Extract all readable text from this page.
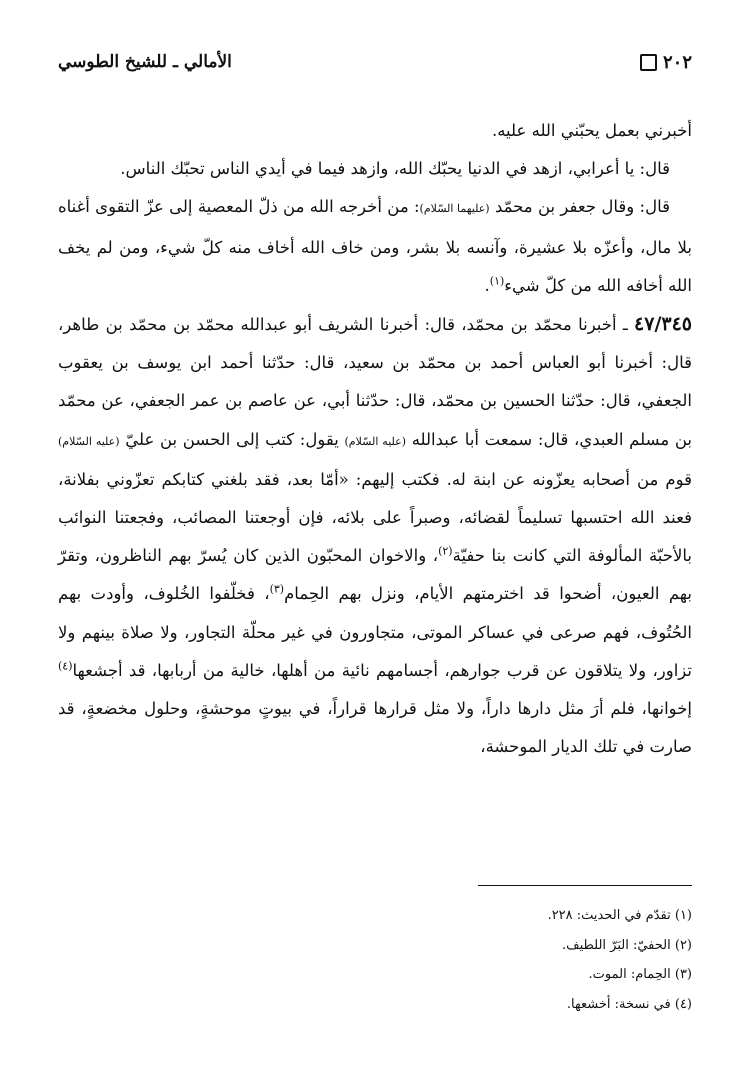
٢٠٢
الأمالي ـ للشيخ الطوسي

أخبرني بعمل يحبّني الله عليه.

قال: يا أعرابي، ازهد في الدنيا يحبّك الله، وازهد فيما في أيدي الناس تحبّك الناس.

قال: وقال جعفر بن محمّد (عليهما السّلام): من أخرجه الله من ذلّ المعصية إلى عزّ التقوى أغناه بلا مال، وأعزّه بلا عشيرة، وآنسه بلا بشر، ومن خاف الله أخاف منه كلّ شيء، ومن لم يخف الله أخافه الله من كلّ شيء$^{(١)}$.

٤٧/٣٤٥ ـ أخبرنا محمّد بن محمّد، قال: أخبرنا الشريف أبو عبدالله محمّد بن محمّد بن طاهر، قال: أخبرنا أبو العباس أحمد بن محمّد بن سعيد، قال: حدّثنا أحمد ابن يوسف بن يعقوب الجعفي، قال: حدّثنا الحسين بن محمّد، قال: حدّثنا أبي، عن عاصم بن عمر الجعفي، عن محمّد بن مسلم العبدي، قال: سمعت أبا عبدالله (عليه السّلام) يقول: كتب إلى الحسن بن عليّ (عليه السّلام) قوم من أصحابه يعزّونه عن ابنة له. فكتب إليهم: «أمّا بعد، فقد بلغني كتابكم تعزّوني بفلانة، فعند الله احتسبها تسليماً لقضائه، وصبراً على بلائه، فإن أوجعتنا المصائب، وفجعتنا النوائب بالأحبّة المألوفة التي كانت بنا حفيّة$^{(٢)}$، والاخوان المحبّون الذين كان يُسرّ بهم الناظرون، وتقرّ بهم العيون، أضحوا قد اخترمتهم الأيام، ونزل بهم الحِمام$^{(٣)}$، فخلّفوا الخُلوف، وأودت بهم الحُتُوف، فهم صرعى في عساكر الموتى، متجاورون في غير محلّة التجاور، ولا صلاة بينهم ولا تزاور، ولا يتلاقون عن قرب جوارهم، أجسامهم نائية من أهلها، خالية من أربابها، قد أجشعها$^{(٤)}$ إخوانها، فلم أرَ مثل دارها داراً، ولا مثل قرارها قراراً، في بيوتٍ موحشةٍ، وحلول مخضعةٍ، قد صارت في تلك الديار الموحشة،

(١) تقدّم في الحديث: ٢٢٨.

(٢) الحفيّ: البَرّ اللطيف.

(٣) الحِمام: الموت.

(٤) في نسخة: أخشعها.
